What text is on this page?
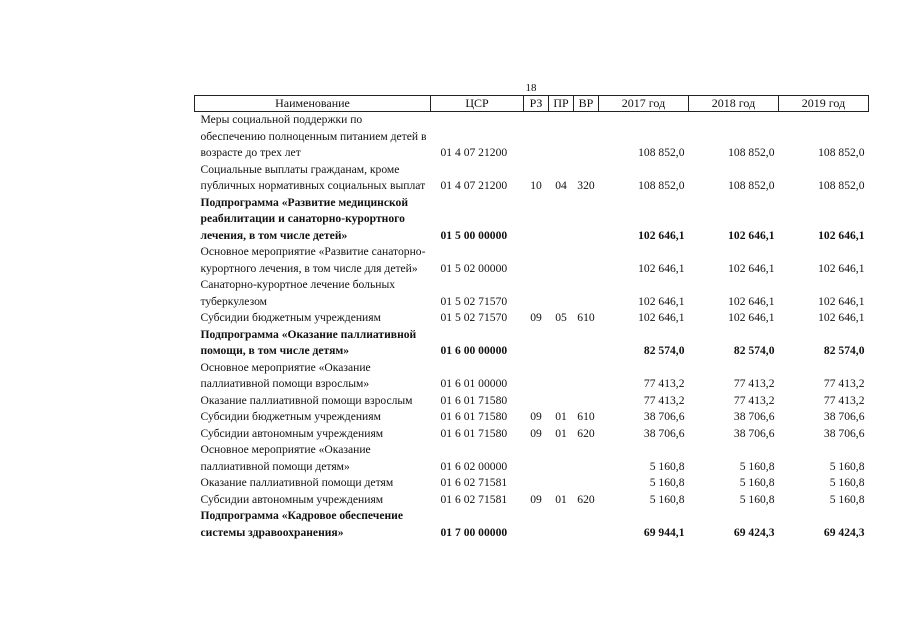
18
Наименование	ЦСР	РЗ	ПР	ВР	2017 год	2018 год	2019 год
Меры социальной поддержки по обеспечению полноценным питанием детей в возрасте до трех лет	01 4 07 21200				108 852,0	108 852,0	108 852,0
Социальные выплаты гражданам, кроме публичных нормативных социальных выплат	01 4 07 21200	10	04	320	108 852,0	108 852,0	108 852,0
Подпрограмма «Развитие медицинской реабилитации и санаторно-курортного лечения, в том числе детей»	01 5 00 00000				102 646,1	102 646,1	102 646,1
Основное мероприятие «Развитие санаторно-курортного лечения, в том числе для детей»	01 5 02 00000				102 646,1	102 646,1	102 646,1
Санаторно-курортное лечение больных туберкулезом	01 5 02 71570				102 646,1	102 646,1	102 646,1
Субсидии бюджетным учреждениям	01 5 02 71570	09	05	610	102 646,1	102 646,1	102 646,1
Подпрограмма «Оказание паллиативной помощи, в том числе детям»	01 6 00 00000				82 574,0	82 574,0	82 574,0
Основное мероприятие «Оказание паллиативной помощи взрослым»	01 6 01 00000				77 413,2	77 413,2	77 413,2
Оказание паллиативной помощи взрослым	01 6 01 71580				77 413,2	77 413,2	77 413,2
Субсидии бюджетным учреждениям	01 6 01 71580	09	01	610	38 706,6	38 706,6	38 706,6
Субсидии автономным учреждениям	01 6 01 71580	09	01	620	38 706,6	38 706,6	38 706,6
Основное мероприятие «Оказание паллиативной помощи детям»	01 6 02 00000				5 160,8	5 160,8	5 160,8
Оказание паллиативной помощи детям	01 6 02 71581				5 160,8	5 160,8	5 160,8
Субсидии автономным учреждениям	01 6 02 71581	09	01	620	5 160,8	5 160,8	5 160,8
Подпрограмма «Кадровое обеспечение системы здравоохранения»	01 7 00 00000				69 944,1	69 424,3	69 424,3
